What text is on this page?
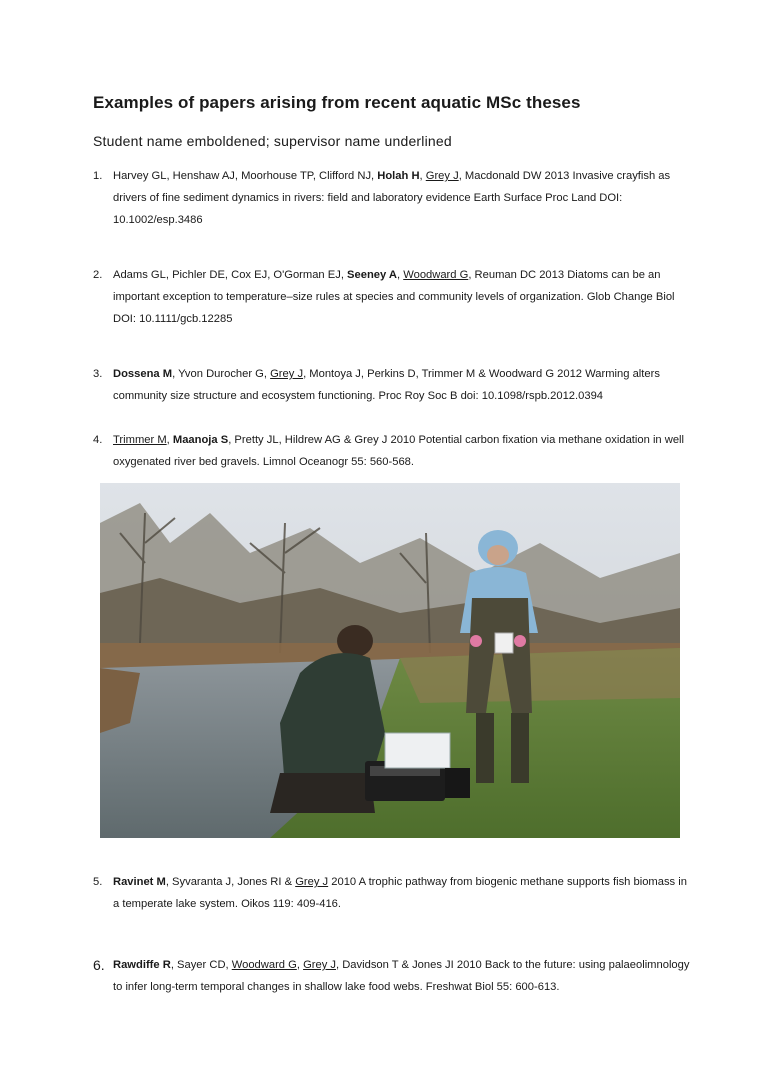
Examples of papers arising from recent aquatic MSc theses
Student name emboldened; supervisor name underlined
1. Harvey GL, Henshaw AJ, Moorhouse TP, Clifford NJ, Holah H, Grey J, Macdonald DW 2013 Invasive crayfish as drivers of fine sediment dynamics in rivers: field and laboratory evidence Earth Surface Proc Land DOI: 10.1002/esp.3486
2. Adams GL, Pichler DE, Cox EJ, O'Gorman EJ, Seeney A, Woodward G, Reuman DC 2013 Diatoms can be an important exception to temperature–size rules at species and community levels of organization. Glob Change Biol DOI: 10.1111/gcb.12285
3. Dossena M, Yvon Durocher G, Grey J, Montoya J, Perkins D, Trimmer M & Woodward G 2012 Warming alters community size structure and ecosystem functioning. Proc Roy Soc B doi: 10.1098/rspb.2012.0394
4. Trimmer M, Maanoja S, Pretty JL, Hildrew AG & Grey J 2010 Potential carbon fixation via methane oxidation in well oxygenated river bed gravels. Limnol Oceanogr 55: 560-568.
5. Ravinet M, Syvaranta J, Jones RI & Grey J 2010 A trophic pathway from biogenic methane supports fish biomass in a temperate lake system. Oikos 119: 409-416.
6. Rawdiffe R, Sayer CD, Woodward G, Grey J, Davidson T & Jones JI 2010 Back to the future: using palaeolimnology to infer long-term temporal changes in shallow lake food webs. Freshwat Biol 55: 600-613.
